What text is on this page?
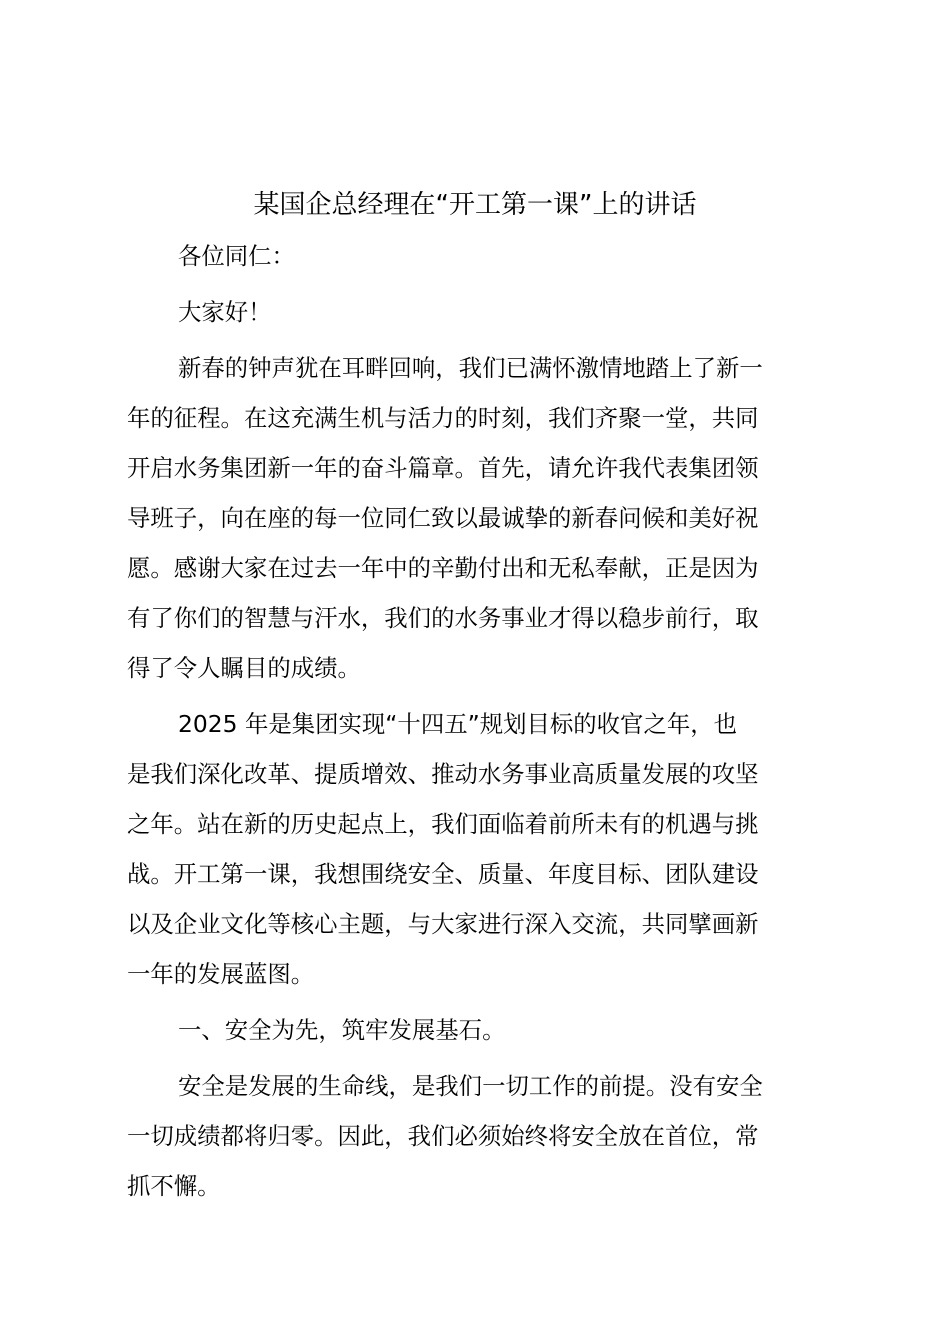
某国企总经理在“开工第一课”上的讲话

各位同仁：

大家好！

新春的钟声犹在耳畔回响，我们已满怀激情地踏上了新一
年的征程。在这充满生机与活力的时刻，我们齐聚一堂，共同
开启水务集团新一年的奋斗篇章。首先，请允许我代表集团领
导班子，向在座的每一位同仁致以最诚挚的新春问候和美好祝
愿。感谢大家在过去一年中的辛勤付出和无私奉献，正是因为
有了你们的智慧与汗水，我们的水务事业才得以稳步前行，取
得了令人瞩目的成绩。

2025 年是集团实现“十四五”规划目标的收官之年，也
是我们深化改革、提质增效、推动水务事业高质量发展的攻坚
之年。站在新的历史起点上，我们面临着前所未有的机遇与挑
战。开工第一课，我想围绕安全、质量、年度目标、团队建设
以及企业文化等核心主题，与大家进行深入交流，共同擘画新
一年的发展蓝图。

一、安全为先，筑牢发展基石。

安全是发展的生命线，是我们一切工作的前提。没有安全
一切成绩都将归零。因此，我们必须始终将安全放在首位，常
抓不懈。
